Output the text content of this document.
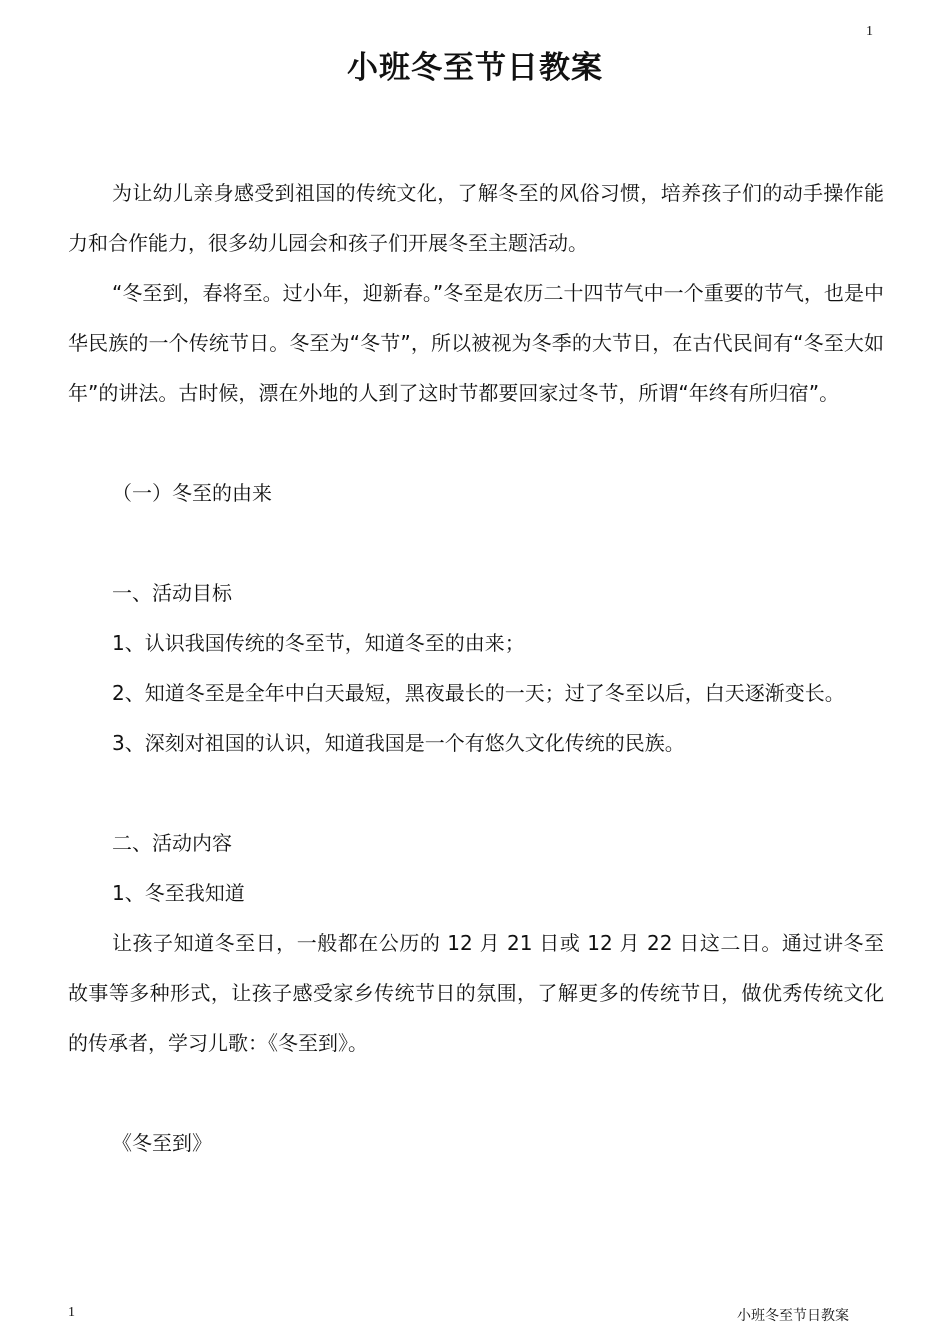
1
小班冬至节日教案

为让幼儿亲身感受到祖国的传统文化，了解冬至的风俗习惯，培养孩子们的动手操作能力和合作能力，很多幼儿园会和孩子们开展冬至主题活动。

“冬至到，春将至。过小年，迎新春。”冬至是农历二十四节气中一个重要的节气，也是中华民族的一个传统节日。冬至为“冬节”，所以被视为冬季的大节日，在古代民间有“冬至大如年”的讲法。古时候，漂在外地的人到了这时节都要回家过冬节，所谓“年终有所归宿”。

（一）冬至的由来

一、活动目标

1、认识我国传统的冬至节，知道冬至的由来；

2、知道冬至是全年中白天最短，黑夜最长的一天；过了冬至以后，白天逐渐变长。

3、深刻对祖国的认识，知道我国是一个有悠久文化传统的民族。

二、活动内容

1、冬至我知道

让孩子知道冬至日，一般都在公历的 12 月 21 日或 12 月 22 日这二日。通过讲冬至故事等多种形式，让孩子感受家乡传统节日的氛围，了解更多的传统节日，做优秀传统文化的传承者，学习儿歌：《冬至到》。

《冬至到》

1	小班冬至节日教案
